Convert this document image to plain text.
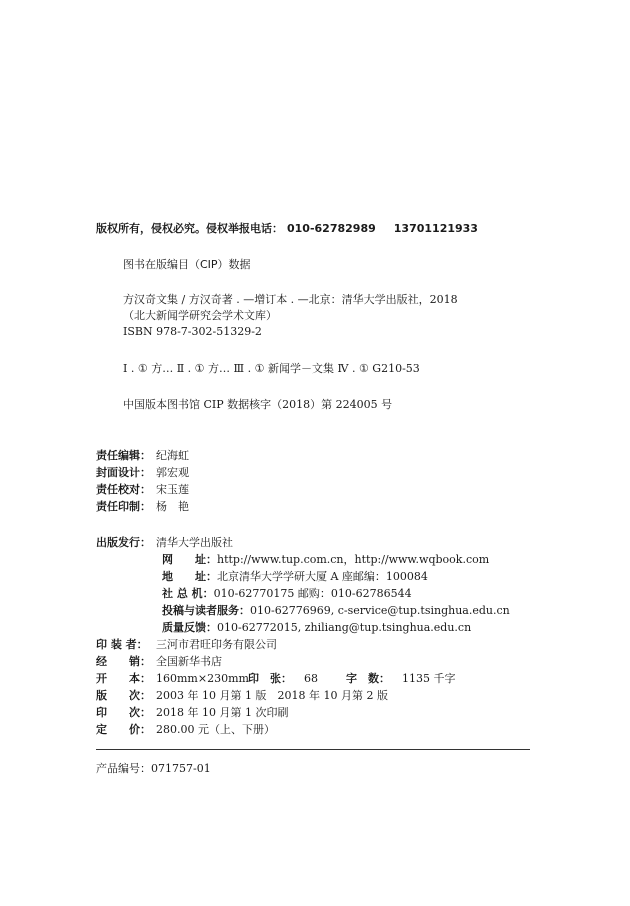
版权所有，侵权必究。侵权举报电话： 010-62782989 13701121933
图书在版编目（CIP）数据
方汉奇文集 / 方汉奇著 . —增订本 . —北京：清华大学出版社，2018
（北大新闻学研究会学术文库）
ISBN 978-7-302-51329-2
Ⅰ . ① 方… Ⅱ . ① 方… Ⅲ . ① 新闻学－文集 Ⅳ . ① G210-53
中国版本图书馆 CIP 数据核字（2018）第 224005 号
责任编辑： 纪海虹
封面设计： 郭宏观
责任校对： 宋玉莲
责任印制： 杨　艳
出版发行： 清华大学出版社
网　　址：http://www.tup.com.cn，http://www.wqbook.com
地　　址：北京清华大学学研大厦 A 座邮编：100084
社 总 机：010-62770175 邮购：010-62786544
投稿与读者服务：010-62776969, c-service@tup.tsinghua.edu.cn
质量反馈：010-62772015, zhiliang@tup.tsinghua.edu.cn
印 装 者： 三河市君旺印务有限公司
经　　销： 全国新华书店
开　　本： 160mm×230mm印　张： 68	字　数： 1135 千字
版　　次： 2003 年 10 月第 1 版　2018 年 10 月第 2 版
印　　次： 2018 年 10 月第 1 次印刷
定　　价： 280.00 元（上、下册）
产品编号：071757-01
